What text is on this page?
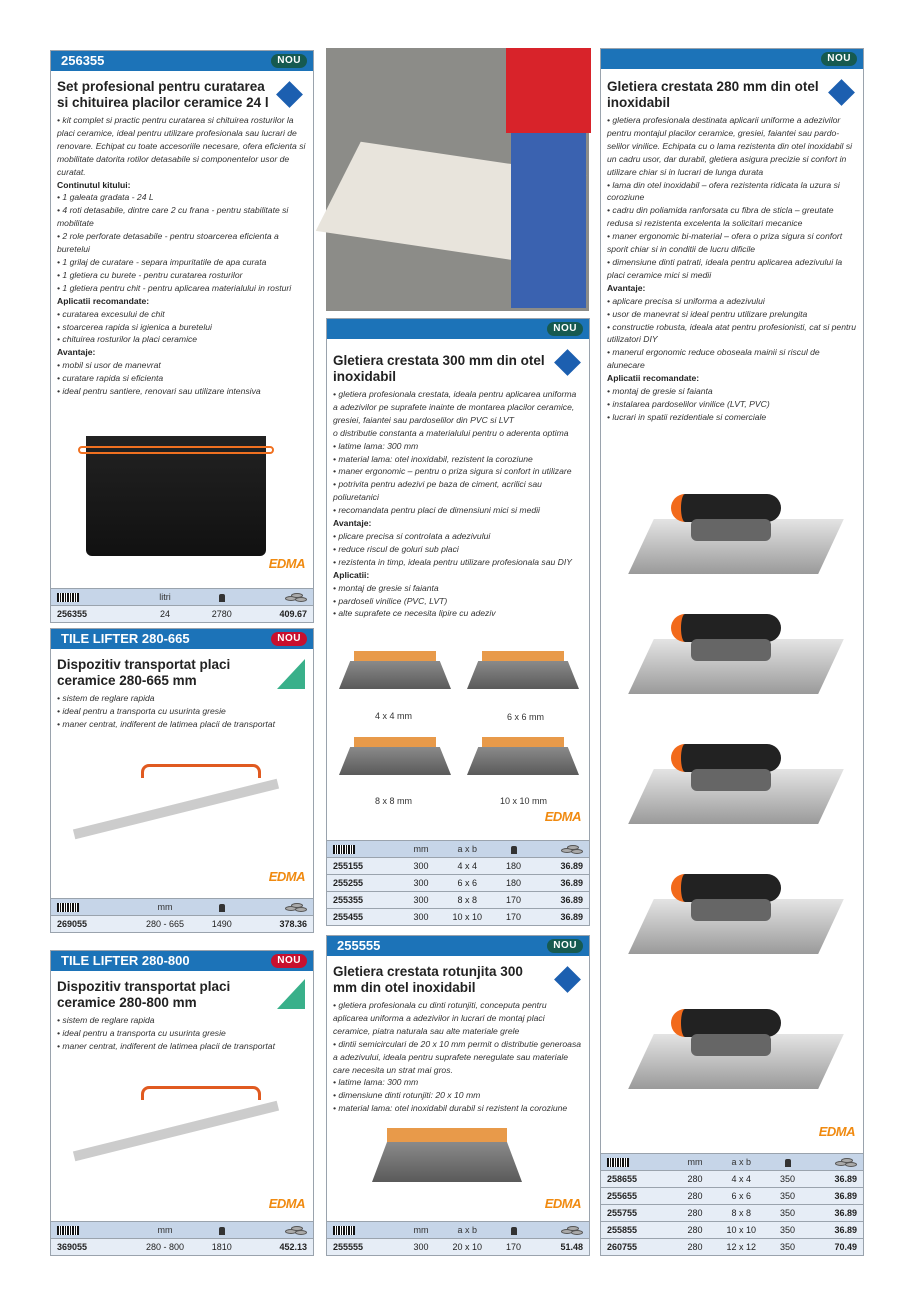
256355	NOU
Set profesional pentru curatarea si chituirea placilor ceramice 24 l
• kit complet si practic pentru curatarea si chituirea rosturilor la placi ceramice, ideal pentru utilizare profesionala sau lucrari de renovare. Echipat cu toate accesoriile necesare, ofera eficienta si mobilitate datorita rotilor detasabile si componentelor usor de curatat.
Continutul kitului:
• 1 galeata gradata - 24 L
• 4 roti detasabile, dintre care 2 cu frana - pentru stabilitate si mobilitate
• 2 role perforate detasabile - pentru stoarcerea eficienta a buretelui
• 1 grilaj de curatare - separa impuritatile de apa curata
• 1 gletiera cu burete - pentru curatarea rosturilor
• 1 gletiera pentru chit - pentru aplicarea materialului in rosturi
Aplicatii recomandate:
• curatarea excesului de chit
• stoarcerea rapida si igienica a buretelui
• chituirea rosturilor la placi ceramice
Avantaje:
• mobil si usor de manevrat
• curatare rapida si eficienta
• ideal pentru santiere, renovari sau utilizare intensiva
EDMA
litri
256355	24	2780	409.67
TILE LIFTER 280-665	NOU
Dispozitiv transportat placi ceramice 280-665 mm
• sistem de reglare rapida
• ideal pentru a transporta cu usurinta gresie
• maner centrat, indiferent de latimea placii de transportat
EDMA
mm
269055	280 - 665	1490	378.36
TILE LIFTER 280-800	NOU
Dispozitiv transportat placi ceramice 280-800 mm
• sistem de reglare rapida
• ideal pentru a transporta cu usurinta gresie
• maner centrat, indiferent de latimea placii de transportat
EDMA
mm
369055	280 - 800	1810	452.13
NOU
Gletiera crestata 300 mm din otel inoxidabil
• gletiera profesionala crestata, ideala pentru aplicarea uniforma a adezivilor pe suprafete inainte de montarea placilor ceramice, gresiei, faiantei sau pardoselilor din PVC si LVT
o distributie constanta a materialului pentru o aderenta optima
• latime lama: 300 mm
• material lama: otel inoxidabil, rezistent la coroziune
• maner ergonomic – pentru o priza sigura si confort in utilizare
• potrivita pentru adezivi pe baza de ciment, acrilici sau poliuretanici
• recomandata pentru placi de dimensiuni mici si medii
Avantaje:
• plicare precisa si controlata a adezivului
• reduce riscul de goluri sub placi
• rezistenta in timp, ideala pentru utilizare profesionala sau DIY
Aplicatii:
• montaj de gresie si faianta
• pardoseli vinilice (PVC, LVT)
• alte suprafete ce necesita lipire cu adeziv
4 x 4 mm	6 x 6 mm
8 x 8 mm	10 x 10 mm
EDMA
mm	a x b
255155	300	4 x 4	180	36.89
255255	300	6 x 6	180	36.89
255355	300	8 x 8	170	36.89
255455	300	10 x 10	170	36.89
255555	NOU
Gletiera crestata rotunjita 300 mm din otel inoxidabil
• gletiera profesionala cu dinti rotunjiti, conceputa pentru aplicarea uniforma a adezivilor in lucrari de montaj placi ceramice, piatra naturala sau alte materiale grele
• dintii semicirculari de 20 x 10 mm permit o distributie generoasa a adezivului, ideala pentru suprafete neregulate sau materiale care necesita un strat mai gros.
• latime lama: 300 mm
• dimensiune dinti rotunjiti: 20 x 10 mm
• material lama: otel inoxidabil durabil si rezistent la coroziune
EDMA
mm	a x b
255555	300	20 x 10	170	51.48
NOU
Gletiera crestata 280 mm din otel inoxidabil
• gletiera profesionala destinata aplicarii uniforme a adezivilor pentru montajul placilor ceramice, gresiei, faiantei sau pardo-selilor vinilice. Echipata cu o lama rezistenta din otel inoxidabil si un cadru usor, dar durabil, gletiera asigura precizie si confort in utilizare chiar si in lucrari de lunga durata
• lama din otel inoxidabil – ofera rezistenta ridicata la uzura si coroziune
• cadru din poliamida ranforsata cu fibra de sticla – greutate redusa si rezistenta excelenta la solicitari mecanice
• maner ergonomic bi-material – ofera o priza sigura si confort sporit chiar si in conditii de lucru dificile
• dimensiune dinti patrati, ideala pentru aplicarea adezivului la placi ceramice mici si medii
Avantaje:
• aplicare precisa si uniforma a adezivului
• usor de manevrat si ideal pentru utilizare prelungita
• constructie robusta, ideala atat pentru profesionisti, cat si pentru utilizatori DIY
• manerul ergonomic reduce oboseala mainii si riscul de alunecare
Aplicatii recomandate:
• montaj de gresie si faianta
• instalarea pardoselilor vinilice (LVT, PVC)
• lucrari in spatii rezidentiale si comerciale
EDMA
mm	a x b
258655	280	4 x 4	350	36.89
255655	280	6 x 6	350	36.89
255755	280	8 x 8	350	36.89
255855	280	10 x 10	350	36.89
260755	280	12 x 12	350	70.49
